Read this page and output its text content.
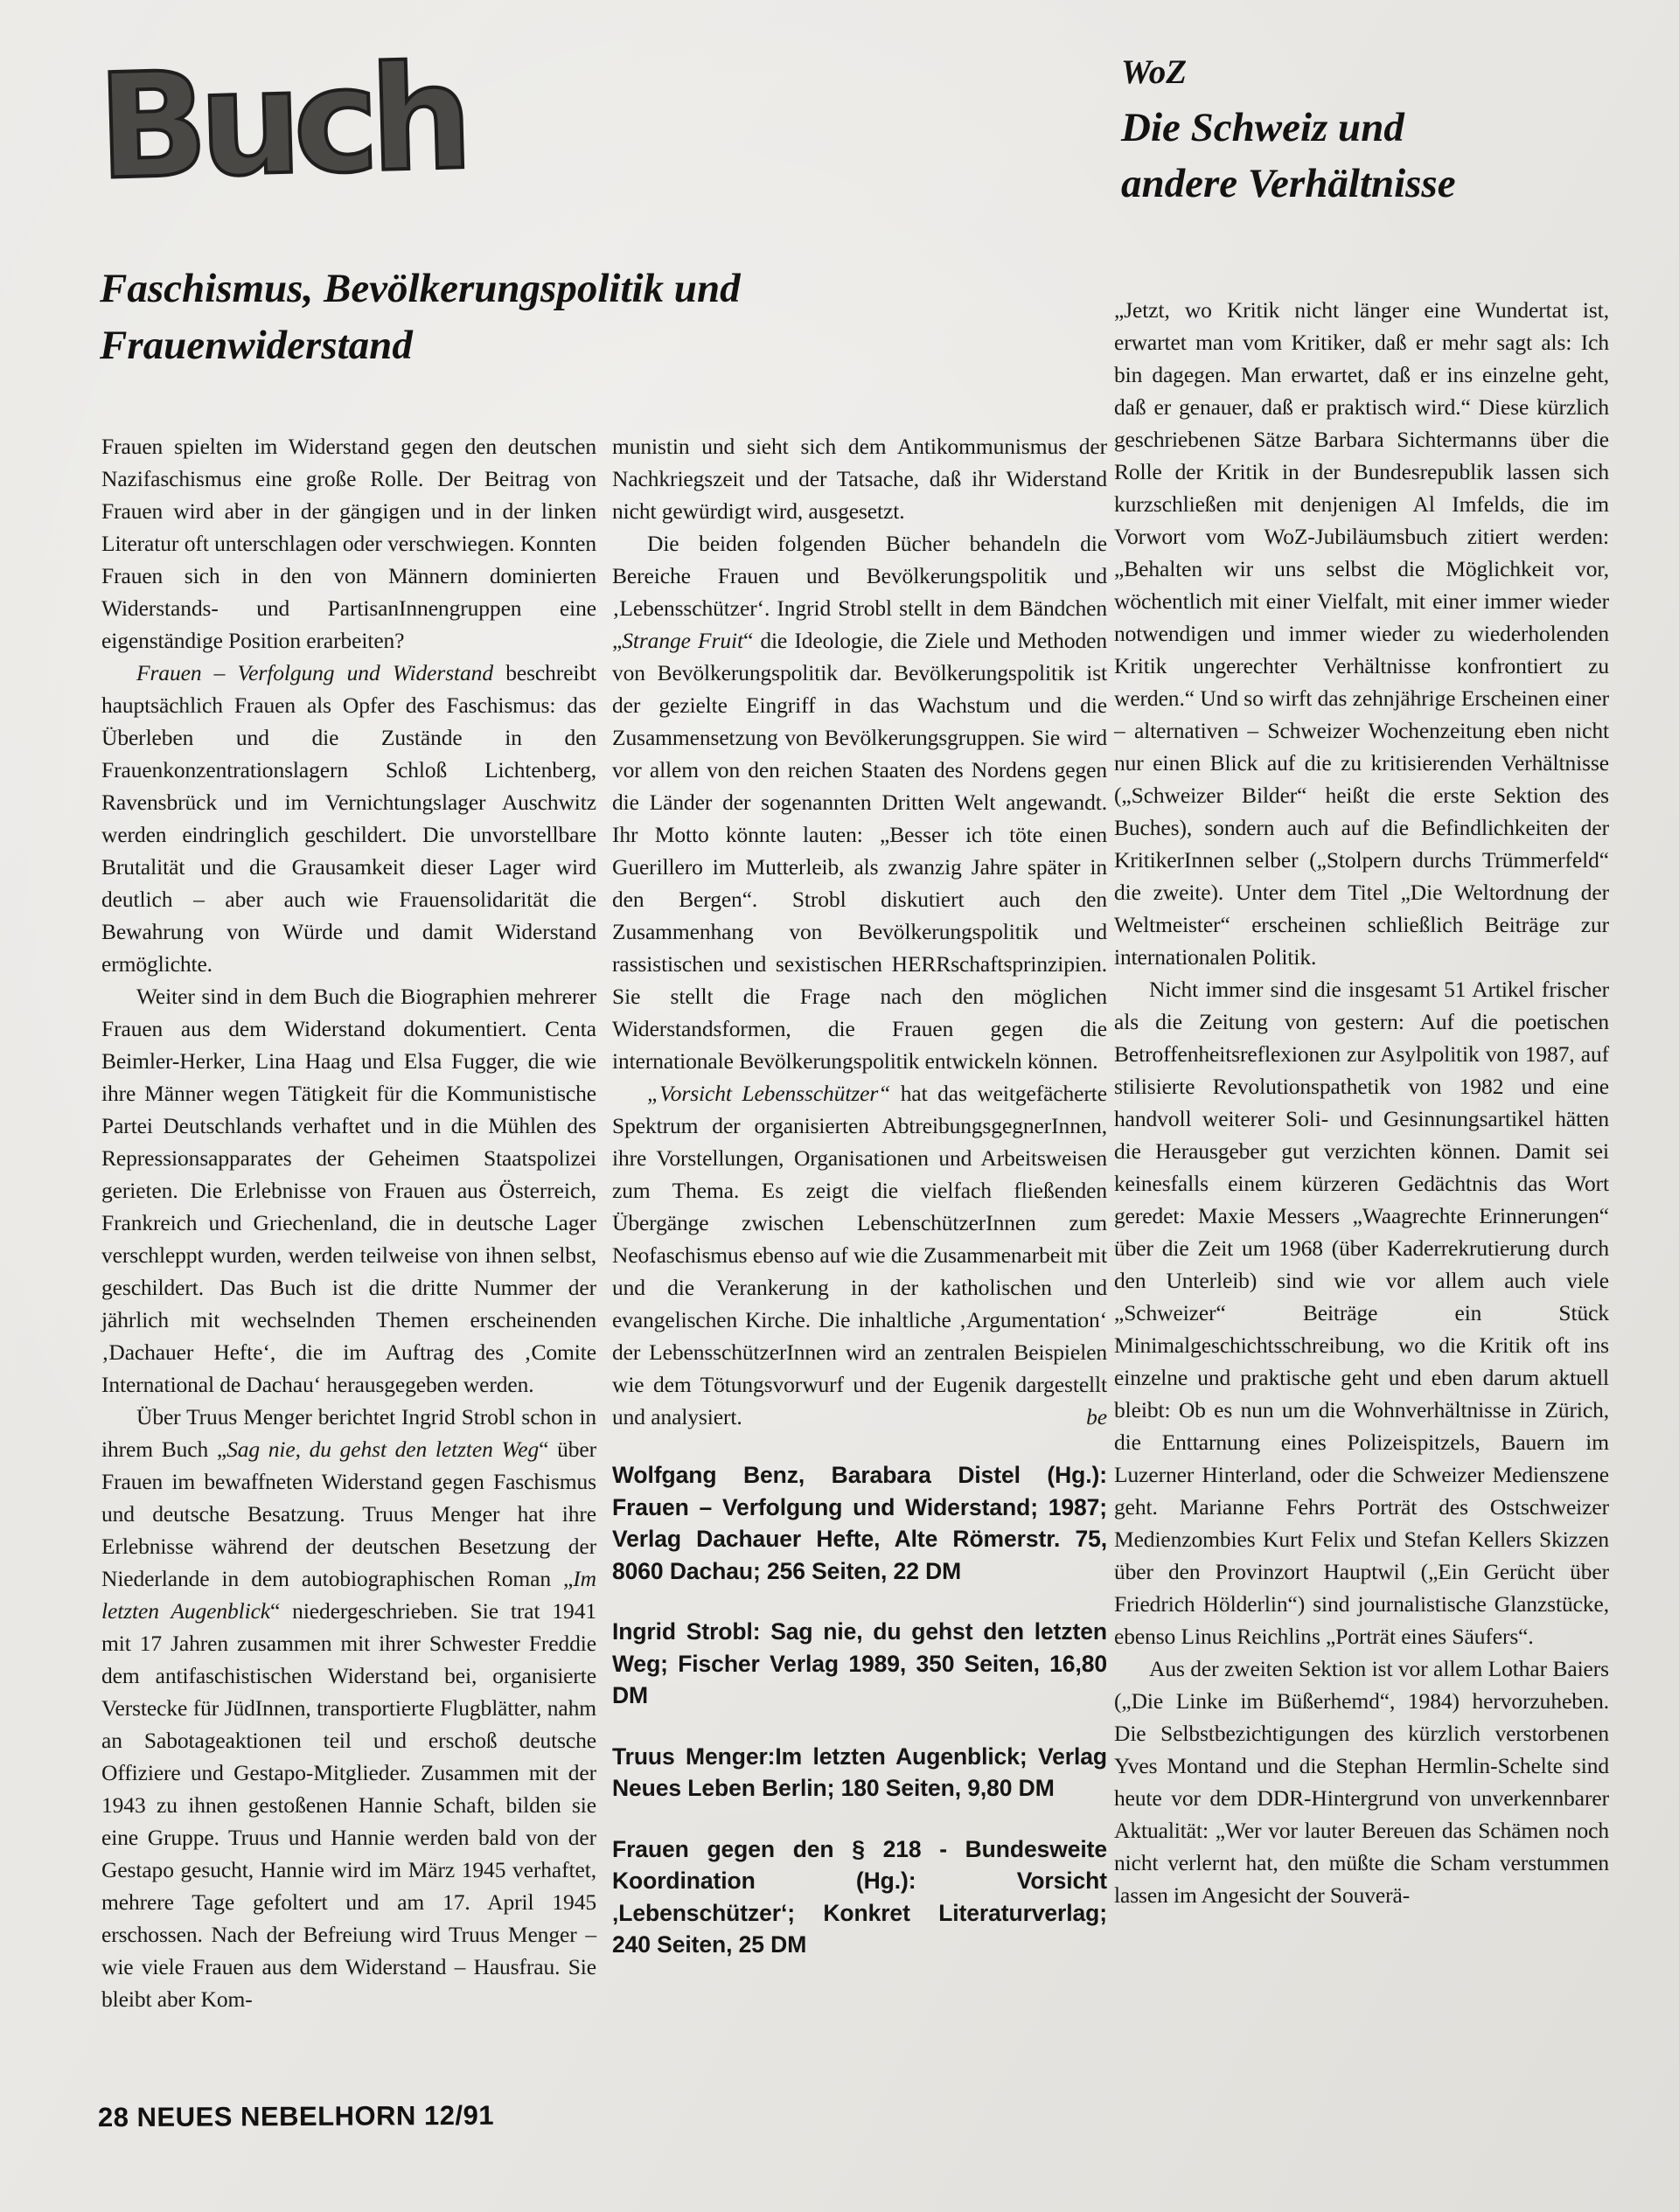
Buch	WoZ
Die Schweiz und
andere Verhältnisse
Faschismus, Bevölkerungspolitik und
Frauenwiderstand

Frauen spielten im Widerstand gegen den deutschen Nazifaschismus eine große Rolle. Der Beitrag von Frauen wird aber in der gängigen und in der linken Literatur oft unterschlagen oder verschwiegen. Konnten Frauen sich in den von Männern dominierten Widerstands- und PartisanInnengruppen eine eigenständige Position erarbeiten?

Frauen – Verfolgung und Widerstand beschreibt hauptsächlich Frauen als Opfer des Faschismus: das Überleben und die Zustände in den Frauenkonzentrationslagern Schloß Lichtenberg, Ravensbrück und im Vernichtungslager Auschwitz werden eindringlich geschildert. Die unvorstellbare Brutalität und die Grausamkeit dieser Lager wird deutlich – aber auch wie Frauensolidarität die Bewahrung von Würde und damit Widerstand ermöglichte.

Weiter sind in dem Buch die Biographien mehrerer Frauen aus dem Widerstand dokumentiert. Centa Beimler-Herker, Lina Haag und Elsa Fugger, die wie ihre Männer wegen Tätigkeit für die Kommunistische Partei Deutschlands verhaftet und in die Mühlen des Repressionsapparates der Geheimen Staatspolizei gerieten. Die Erlebnisse von Frauen aus Österreich, Frankreich und Griechenland, die in deutsche Lager verschleppt wurden, werden teilweise von ihnen selbst, geschildert. Das Buch ist die dritte Nummer der jährlich mit wechselnden Themen erscheinenden ‚Dachauer Hefte‘, die im Auftrag des ‚Comite International de Dachau‘ herausgegeben werden.

Über Truus Menger berichtet Ingrid Strobl schon in ihrem Buch „Sag nie, du gehst den letzten Weg“ über Frauen im bewaffneten Widerstand gegen Faschismus und deutsche Besatzung. Truus Menger hat ihre Erlebnisse während der deutschen Besetzung der Niederlande in dem autobiographischen Roman „Im letzten Augenblick“ niedergeschrieben. Sie trat 1941 mit 17 Jahren zusammen mit ihrer Schwester Freddie dem antifaschistischen Widerstand bei, organisierte Verstecke für JüdInnen, transportierte Flugblätter, nahm an Sabotageaktionen teil und erschoß deutsche Offiziere und Gestapo-Mitglieder. Zusammen mit der 1943 zu ihnen gestoßenen Hannie Schaft, bilden sie eine Gruppe. Truus und Hannie werden bald von der Gestapo gesucht, Hannie wird im März 1945 verhaftet, mehrere Tage gefoltert und am 17. April 1945 erschossen. Nach der Befreiung wird Truus Menger – wie viele Frauen aus dem Widerstand – Hausfrau. Sie bleibt aber Kom-

munistin und sieht sich dem Antikommunismus der Nachkriegszeit und der Tatsache, daß ihr Widerstand nicht gewürdigt wird, ausgesetzt.

Die beiden folgenden Bücher behandeln die Bereiche Frauen und Bevölkerungspolitik und ‚Lebensschützer‘. Ingrid Strobl stellt in dem Bändchen „Strange Fruit“ die Ideologie, die Ziele und Methoden von Bevölkerungspolitik dar. Bevölkerungspolitik ist der gezielte Eingriff in das Wachstum und die Zusammensetzung von Bevölkerungsgruppen. Sie wird vor allem von den reichen Staaten des Nordens gegen die Länder der sogenannten Dritten Welt angewandt. Ihr Motto könnte lauten: „Besser ich töte einen Guerillero im Mutterleib, als zwanzig Jahre später in den Bergen“. Strobl diskutiert auch den Zusammenhang von Bevölkerungspolitik und rassistischen und sexistischen HERRschaftsprinzipien. Sie stellt die Frage nach den möglichen Widerstandsformen, die Frauen gegen die internationale Bevölkerungspolitik entwickeln können.

„Vorsicht Lebensschützer“ hat das weitgefächerte Spektrum der organisierten AbtreibungsgegnerInnen, ihre Vorstellungen, Organisationen und Arbeitsweisen zum Thema. Es zeigt die vielfach fließenden Übergänge zwischen LebenschützerInnen zum Neofaschismus ebenso auf wie die Zusammenarbeit mit und die Verankerung in der katholischen und evangelischen Kirche. Die inhaltliche ‚Argumentation‘ der LebensschützerInnen wird an zentralen Beispielen wie dem Tötungsvorwurf und der Eugenik dargestellt und analysiert.	be

Wolfgang Benz, Barabara Distel (Hg.): Frauen – Verfolgung und Widerstand; 1987; Verlag Dachauer Hefte, Alte Römerstr. 75, 8060 Dachau; 256 Seiten, 22 DM

Ingrid Strobl: Sag nie, du gehst den letzten Weg; Fischer Verlag 1989, 350 Seiten, 16,80 DM

Truus Menger:Im letzten Augenblick; Verlag Neues Leben Berlin; 180 Seiten, 9,80 DM

Frauen gegen den § 218 - Bundesweite Koordination (Hg.): Vorsicht ‚Lebenschützer‘; Konkret Literaturverlag; 240 Seiten, 25 DM

„Jetzt, wo Kritik nicht länger eine Wundertat ist, erwartet man vom Kritiker, daß er mehr sagt als: Ich bin dagegen. Man erwartet, daß er ins einzelne geht, daß er genauer, daß er praktisch wird.“ Diese kürzlich geschriebenen Sätze Barbara Sichtermanns über die Rolle der Kritik in der Bundesrepublik lassen sich kurzschließen mit denjenigen Al Imfelds, die im Vorwort vom WoZ-Jubiläumsbuch zitiert werden: „Behalten wir uns selbst die Möglichkeit vor, wöchentlich mit einer Vielfalt, mit einer immer wieder notwendigen und immer wieder zu wiederholenden Kritik ungerechter Verhältnisse konfrontiert zu werden.“ Und so wirft das zehnjährige Erscheinen einer – alternativen – Schweizer Wochenzeitung eben nicht nur einen Blick auf die zu kritisierenden Verhältnisse („Schweizer Bilder“ heißt die erste Sektion des Buches), sondern auch auf die Befindlichkeiten der KritikerInnen selber („Stolpern durchs Trümmerfeld“ die zweite). Unter dem Titel „Die Weltordnung der Weltmeister“ erscheinen schließlich Beiträge zur internationalen Politik.

Nicht immer sind die insgesamt 51 Artikel frischer als die Zeitung von gestern: Auf die poetischen Betroffenheitsreflexionen zur Asylpolitik von 1987, auf stilisierte Revolutionspathetik von 1982 und eine handvoll weiterer Soli- und Gesinnungsartikel hätten die Herausgeber gut verzichten können. Damit sei keinesfalls einem kürzeren Gedächtnis das Wort geredet: Maxie Messers „Waagrechte Erinnerungen“ über die Zeit um 1968 (über Kaderrekrutierung durch den Unterleib) sind wie vor allem auch viele „Schweizer“ Beiträge ein Stück Minimalgeschichtsschreibung, wo die Kritik oft ins einzelne und praktische geht und eben darum aktuell bleibt: Ob es nun um die Wohnverhältnisse in Zürich, die Enttarnung eines Polizeispitzels, Bauern im Luzerner Hinterland, oder die Schweizer Medienszene geht. Marianne Fehrs Porträt des Ostschweizer Medienzombies Kurt Felix und Stefan Kellers Skizzen über den Provinzort Hauptwil („Ein Gerücht über Friedrich Hölderlin“) sind journalistische Glanzstücke, ebenso Linus Reichlins „Porträt eines Säufers“.

Aus der zweiten Sektion ist vor allem Lothar Baiers („Die Linke im Büßerhemd“, 1984) hervorzuheben. Die Selbstbezichtigungen des kürzlich verstorbenen Yves Montand und die Stephan Hermlin-Schelte sind heute vor dem DDR-Hintergrund von unverkennbarer Aktualität: „Wer vor lauter Bereuen das Schämen noch nicht verlernt hat, den müßte die Scham verstummen lassen im Angesicht der Souverä-

28 NEUES NEBELHORN 12/91
